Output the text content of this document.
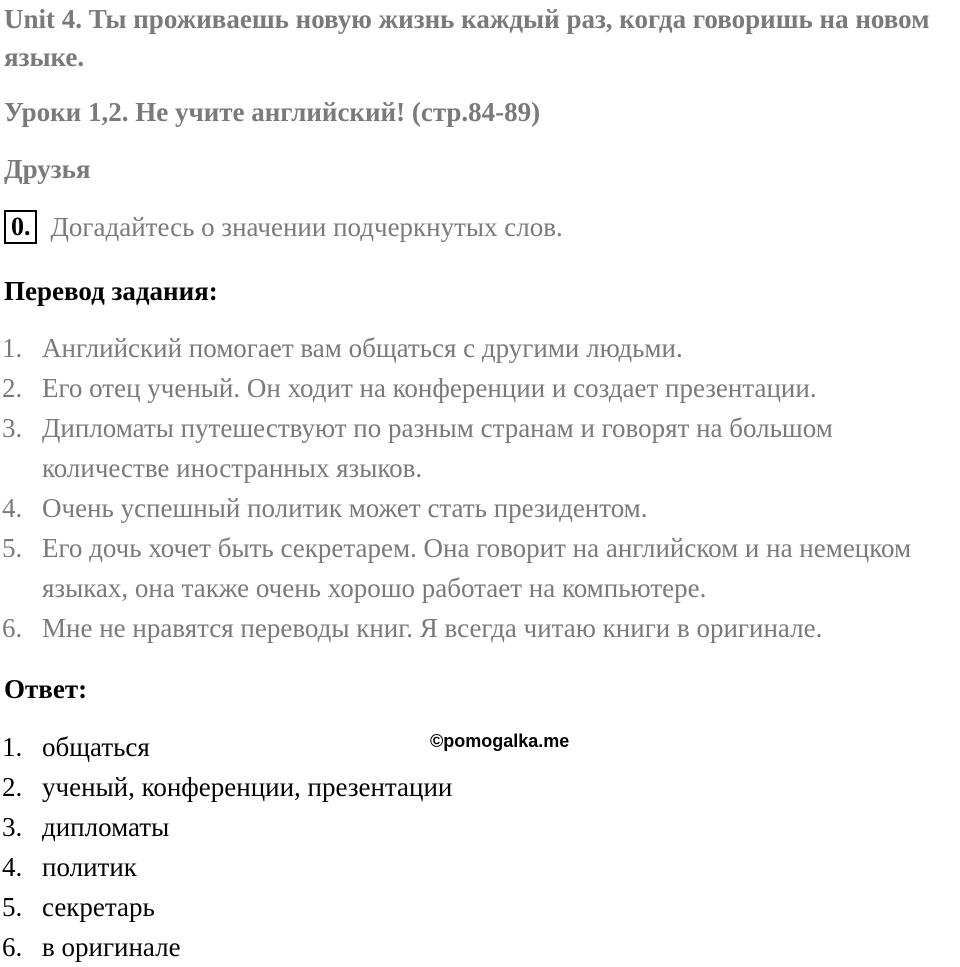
Unit 4. Ты проживаешь новую жизнь каждый раз, когда говоришь на новом языке.
Уроки 1,2. Не учите английский! (стр.84-89)
Друзья
0. Догадайтесь о значении подчеркнутых слов.
Перевод задания:
1. Английский помогает вам общаться с другими людьми.
2. Его отец ученый. Он ходит на конференции и создает презентации.
3. Дипломаты путешествуют по разным странам и говорят на большом количестве иностранных языков.
4. Очень успешный политик может стать президентом.
5. Его дочь хочет быть секретарем. Она говорит на английском и на немецком языках, она также очень хорошо работает на компьютере.
6. Мне не нравятся переводы книг. Я всегда читаю книги в оригинале.
Ответ:
1. общаться
2. ученый, конференции, презентации
3. дипломаты
4. политик
5. секретарь
6. в оригинале
©pomogalka.me
